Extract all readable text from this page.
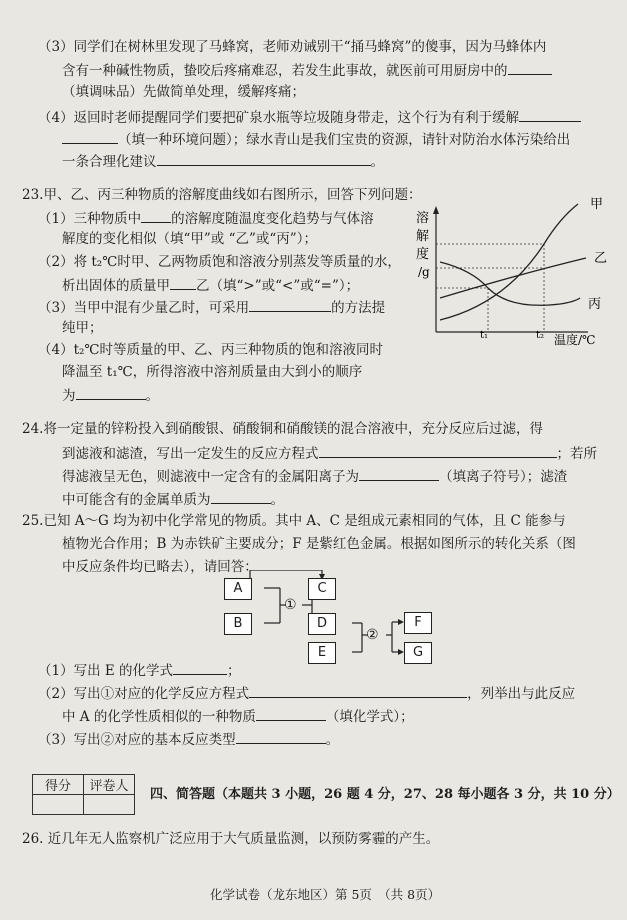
（3）同学们在树林里发现了马蜂窝，老师劝诫别干“捅马蜂窝”的傻事，因为马蜂体内
含有一种碱性物质，蛰咬后疼痛难忍，若发生此事故，就医前可用厨房中的
（填调味品）先做简单处理，缓解疼痛；
（4）返回时老师提醒同学们要把矿泉水瓶等垃圾随身带走，这个行为有利于缓解
（填一种环境问题）；绿水青山是我们宝贵的资源，请针对防治水体污染给出
一条合理化建议	。
23.甲、乙、丙三种物质的溶解度曲线如右图所示，回答下列问题：
（1）三种物质中 的溶解度随温度变化趋势与气体溶
解度的变化相似（填“甲”或 “乙”或“丙”）；
（2）将 t₂℃时甲、乙两物质饱和溶液分别蒸发等质量的水，
析出固体的质量甲 乙（填“>”或“<”或“=”）；
（3）当甲中混有少量乙时，可采用	的方法提
纯甲；
（4）t₂℃时等质量的甲、乙、丙三种物质的饱和溶液同时
降温至 t₁℃，所得溶液中溶剂质量由大到小的顺序
为	。
溶
解
度
/g
温度/℃
t₁	t₂
甲
乙
丙
24.将一定量的锌粉投入到硝酸银、硝酸铜和硝酸镁的混合溶液中，充分反应后过滤，得
到滤液和滤渣，写出一定发生的反应方程式	；若所
得滤液呈无色，则滤液中一定含有的金属阳离子为	（填离子符号）；滤渣
中可能含有的金属单质为	。
25.已知 A～G 均为初中化学常见的物质。其中 A、C 是组成元素相同的气体，且 C 能参与
植物光合作用；B 为赤铁矿主要成分；F 是紫红色金属。根据如图所示的转化关系（图
中反应条件均已略去），请回答：
A
B
①
C
D
E
②
F
G
（1）写出 E 的化学式	；
（2）写出①对应的化学反应方程式	，列举出与此反应
中 A 的化学性质相似的一种物质	（填化学式）；
（3）写出②对应的基本反应类型	。
得分	评卷人

四、简答题（本题共 3 小题，26 题 4 分，27、28 每小题各 3 分，共 10 分）
26. 近几年无人监察机广泛应用于大气质量监测，以预防雾霾的产生。
化学试卷（龙东地区）第 5页　（共 8页）
